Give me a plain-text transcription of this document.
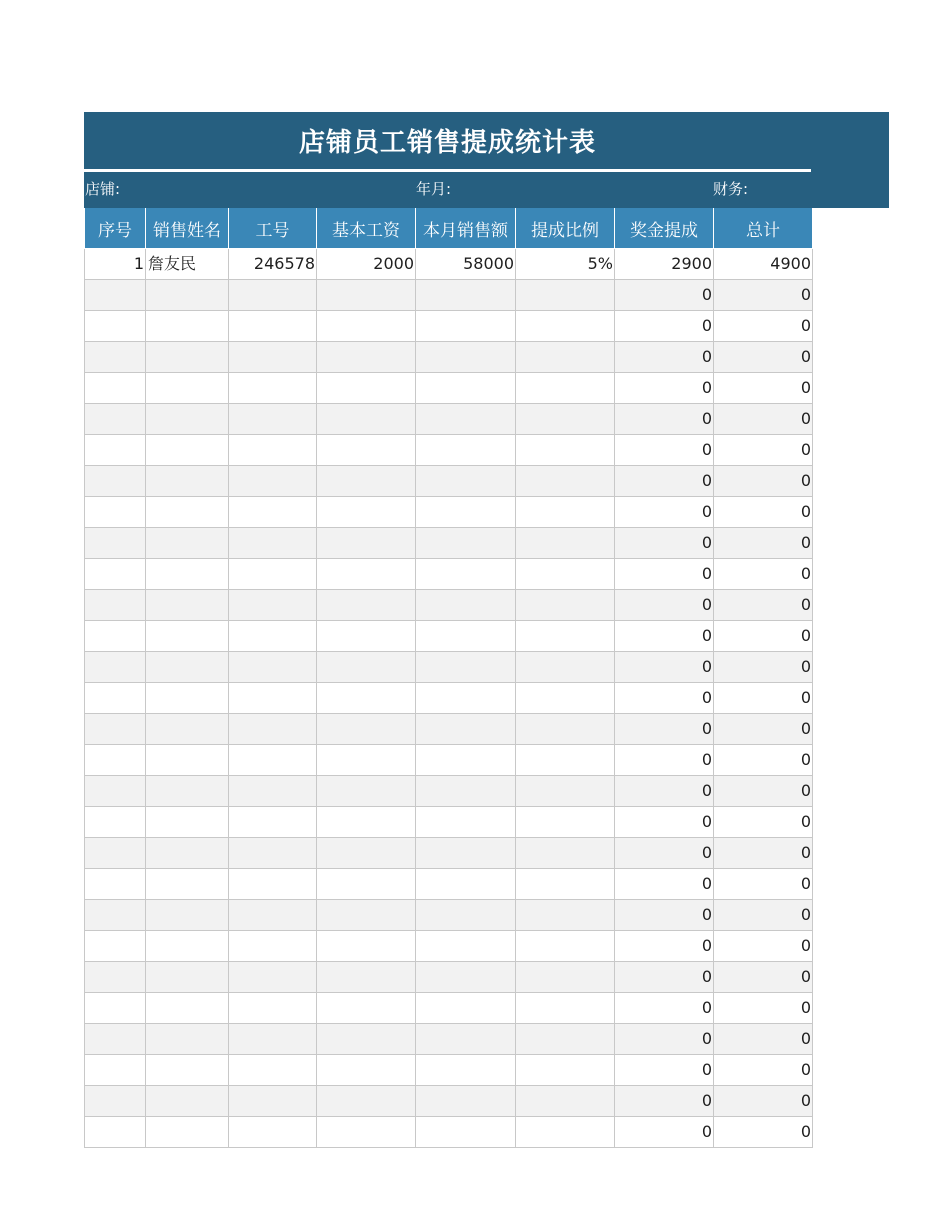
店铺员工销售提成统计表
店铺:	年月:	财务:
序号	销售姓名	工号	基本工资	本月销售额	提成比例	奖金提成	总计
1	詹友民	246578	2000	58000	5%	2900	4900
						0	0
						0	0
						0	0
						0	0
						0	0
						0	0
						0	0
						0	0
						0	0
						0	0
						0	0
						0	0
						0	0
						0	0
						0	0
						0	0
						0	0
						0	0
						0	0
						0	0
						0	0
						0	0
						0	0
						0	0
						0	0
						0	0
						0	0
						0	0
